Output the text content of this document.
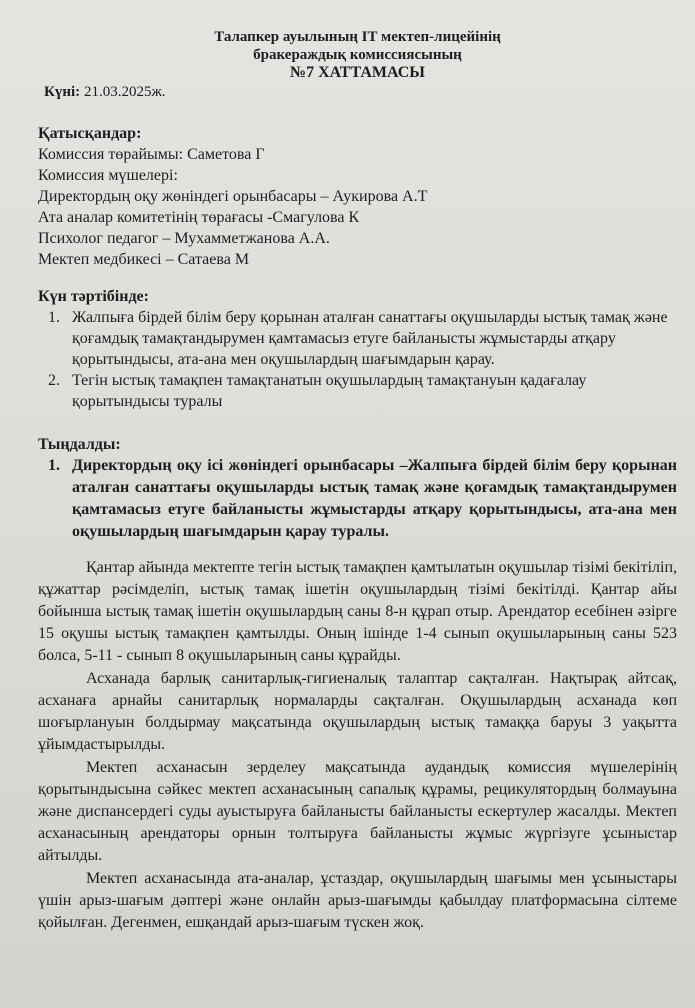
Талапкер ауылының IT мектеп-лицейінің
бракераждық комиссиясының
№7 ХАТТАМАСЫ
Күні: 21.03.2025ж.
Қатысқандар:
Комиссия төрайымы: Саметова Г
Комиссия мүшелері:
Директордың оқу жөніндегі орынбасары – Аукирова А.Т
Ата аналар комитетінің төрағасы -Смагулова К
Психолог педагог – Мухамметжанова А.А.
Мектеп медбикесі – Сатаева М
Күн тәртібінде:
1. Жалпыға бірдей білім беру қорынан аталған санаттағы оқушыларды ыстық тамақ және қоғамдық тамақтандырумен қамтамасыз етуге байланысты жұмыстарды атқару қорытындысы, ата-ана мен оқушылардың шағымдарын қарау.
2. Тегін ыстық тамақпен тамақтанатын оқушылардың тамақтануын қадағалау қорытындысы туралы
Тыңдалды:
1. Директордың оқу ісі жөніндегі орынбасары –Жалпыға бірдей білім беру қорынан аталған санаттағы оқушыларды ыстық тамақ және қоғамдық тамақтандырумен қамтамасыз етуге байланысты жұмыстарды атқару қорытындысы, ата-ана мен оқушылардың шағымдарын қарау туралы.

Қантар айында мектепте тегін ыстық тамақпен қамтылатын оқушылар тізімі бекітіліп, құжаттар рәсімделіп, ыстық тамақ ішетін оқушылардың тізімі бекітілді. Қантар айы бойынша ыстық тамақ ішетін оқушылардың саны 8-н құрап отыр. Арендатор есебінен әзірге 15 оқушы ыстық тамақпен қамтылды. Оның ішінде 1-4 сынып оқушыларының саны 523 болса, 5-11 - сынып 8 оқушыларының саны құрайды.

Асханада барлық санитарлық-гигиеналық талаптар сақталған. Нақтырақ айтсақ, асханаға арнайы санитарлық нормаларды сақталған. Оқушылардың асханада көп шоғырлануын болдырмау мақсатында оқушылардың ыстық тамаққа баруы 3 уақытта ұйымдастырылды.

Мектеп асханасын зерделеу мақсатында аудандық комиссия мүшелерінің қорытындысына сәйкес мектеп асханасының сапалық құрамы, рецикулятордың болмауына және диспансердегі суды ауыстыруға байланысты байланысты ескертулер жасалды. Мектеп асханасының арендаторы орнын толтыруға байланысты жұмыс жүргізуге ұсыныстар айтылды.

Мектеп асханасында ата-аналар, ұстаздар, оқушылардың шағымы мен ұсыныстары үшін арыз-шағым дәптері және онлайн арыз-шағымды қабылдау платформасына сілтеме қойылған. Дегенмен, ешқандай арыз-шағым түскен жоқ.
